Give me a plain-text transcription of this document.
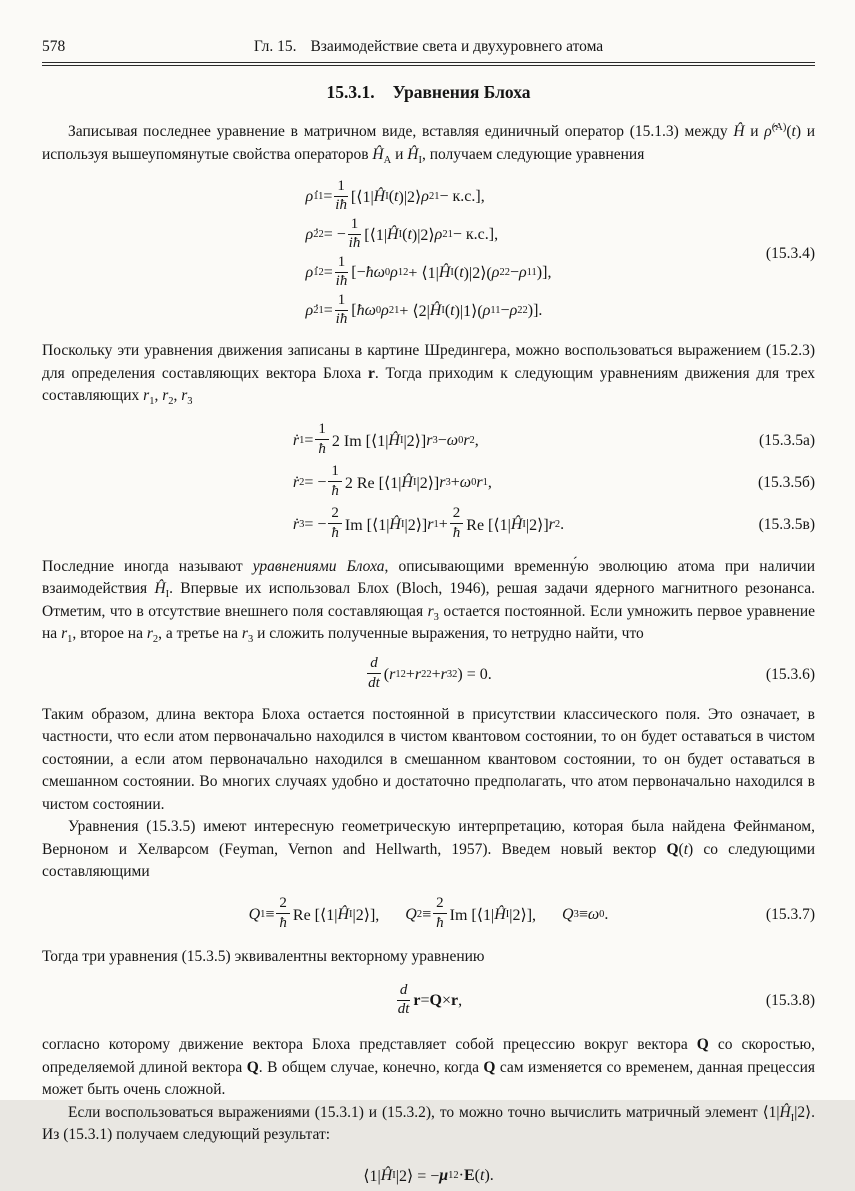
578	Гл. 15. Взаимодействие света и двухуровнего атома
15.3.1. Уравнения Блоха

Записывая последнее уравнение в матричном виде, вставляя единичный оператор (15.1.3) между Ĥ и ρ̂$^{(A)}$(t) и используя вышеупомянутые свойства операторов $Ĥ_A$ и $Ĥ_I$, получаем следующие уравнения

ρ̇ $11 = \frac{1}{iħ}$ [⟨1| Ĥ I ( t )|2⟩ ρ 21 − к.с.],
ρ̇ 22 = − $\frac{1}{iħ}$ [⟨1| Ĥ I ( t )|2⟩ ρ 21 − к.с.],
ρ̇ $12 = \frac{1}{iħ}$ [− ħω 0 ρ 12 + ⟨1| Ĥ I ( t )|2⟩( ρ 22 − ρ 11 )],
ρ̇ $21 = \frac{1}{iħ}$ [ ħω 0 ρ 21 + ⟨2| Ĥ I ( t )|1⟩( ρ 11 − ρ 22 )].
(15.3.4)

Поскольку эти уравнения движения записаны в картине Шредингера, можно воспользоваться выражением (15.2.3) для определения составляющих вектора Блоха r. Тогда приходим к следующим уравнениям движения для трех составляющих $r_1$, $r_2$, $r_3$

ṙ $1 = \frac{1}{ħ} 2$ Im [⟨1| Ĥ I |2⟩] r 3 − ω 0 r 2 ,
ṙ 2 = − $\frac{1}{ħ} 2$ Re [⟨1| Ĥ I |2⟩] r 3 + ω 0 r 1 ,
ṙ 3 = − $\frac{2}{ħ}$ Im [⟨1| Ĥ I |2⟩] r $1 + \frac{2}{ħ}$ Re [⟨1| Ĥ I |2⟩] r 2 .
(15.3.5а)
(15.3.5б)
(15.3.5в)

Последние иногда называют уравнениями Блоха, описывающими временну́ю эволюцию атома при наличии взаимодействия $Ĥ_I$. Впервые их использовал Блох (Bloch, 1946), решая задачи ядерного магнитного резонанса. Отметим, что в отсутствие внешнего поля составляющая $r_3$ остается постоянной. Если умножить первое уравнение на $r_1$, второе на $r_2$, а третье на $r_3$ и сложить полученные выражения, то нетрудно найти, что

$\frac{d}{dt}$ ( r 1 2 + r 2 2 + r 3 2 ) = 0.	(15.3.6)

Таким образом, длина вектора Блоха остается постоянной в присутствии классического поля. Это означает, в частности, что если атом первоначально находился в чистом квантовом состоянии, то он будет оставаться в чистом состоянии, а если атом первоначально находился в смешанном квантовом состоянии, то он будет оставаться в смешанном состоянии. Во многих случаях удобно и достаточно предполагать, что атом первоначально находился в чистом состоянии.

Уравнения (15.3.5) имеют интересную геометрическую интерпретацию, которая была найдена Фейнманом, Верноном и Хелварсом (Feyman, Vernon and Hellwarth, 1957). Введем новый вектор Q(t) со следующими составляющими

Q $1 \equiv \frac{2}{ħ}$ Re [⟨1| Ĥ I |2⟩], Q $2 \equiv \frac{2}{ħ}$ Im [⟨1| Ĥ I |2⟩], Q 3 ≡ ω 0 .	(15.3.7)

Тогда три уравнения (15.3.5) эквивалентны векторному уравнению

$\frac{d}{dt}$ r = Q × r ,	(15.3.8)

согласно которому движение вектора Блоха представляет собой прецессию вокруг вектора Q со скоростью, определяемой длиной вектора Q. В общем случае, конечно, когда Q сам изменяется со временем, данная прецессия может быть очень сложной.

Если воспользоваться выражениями (15.3.1) и (15.3.2), то можно точно вычислить матричный элемент $⟨1|Ĥ_I|2⟩$. Из (15.3.1) получаем следующий результат:

⟨1| Ĥ I |2⟩ = − μ 12 · E ( t ).
